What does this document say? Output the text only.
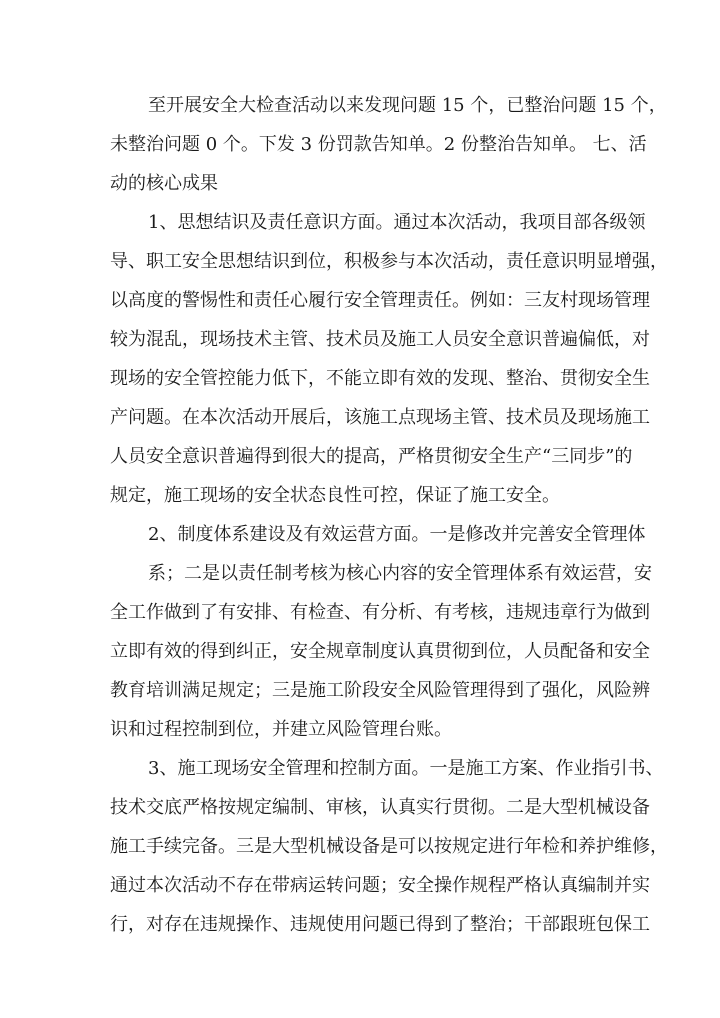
至开展安全大检查活动以来发现问题 15 个，已整治问题 15 个，

未整治问题 0 个。下发 3 份罚款告知单。2 份整治告知单。 七、活

动的核心成果

1、思想结识及责任意识方面。通过本次活动，我项目部各级领

导、职工安全思想结识到位，积极参与本次活动，责任意识明显增强，

以高度的警惕性和责任心履行安全管理责任。例如：三友村现场管理

较为混乱，现场技术主管、技术员及施工人员安全意识普遍偏低，对

现场的安全管控能力低下，不能立即有效的发现、整治、贯彻安全生

产问题。在本次活动开展后，该施工点现场主管、技术员及现场施工

人员安全意识普遍得到很大的提高，严格贯彻安全生产“三同步”的

规定，施工现场的安全状态良性可控，保证了施工安全。

2、制度体系建设及有效运营方面。一是修改并完善安全管理体

系；二是以责任制考核为核心内容的安全管理体系有效运营，安

全工作做到了有安排、有检查、有分析、有考核，违规违章行为做到

立即有效的得到纠正，安全规章制度认真贯彻到位，人员配备和安全

教育培训满足规定；三是施工阶段安全风险管理得到了强化，风险辨

识和过程控制到位，并建立风险管理台账。

3、施工现场安全管理和控制方面。一是施工方案、作业指引书、

技术交底严格按规定编制、审核，认真实行贯彻。二是大型机械设备

施工手续完备。三是大型机械设备是可以按规定进行年检和养护维修，

通过本次活动不存在带病运转问题；安全操作规程严格认真编制并实

行，对存在违规操作、违规使用问题已得到了整治；干部跟班包保工
